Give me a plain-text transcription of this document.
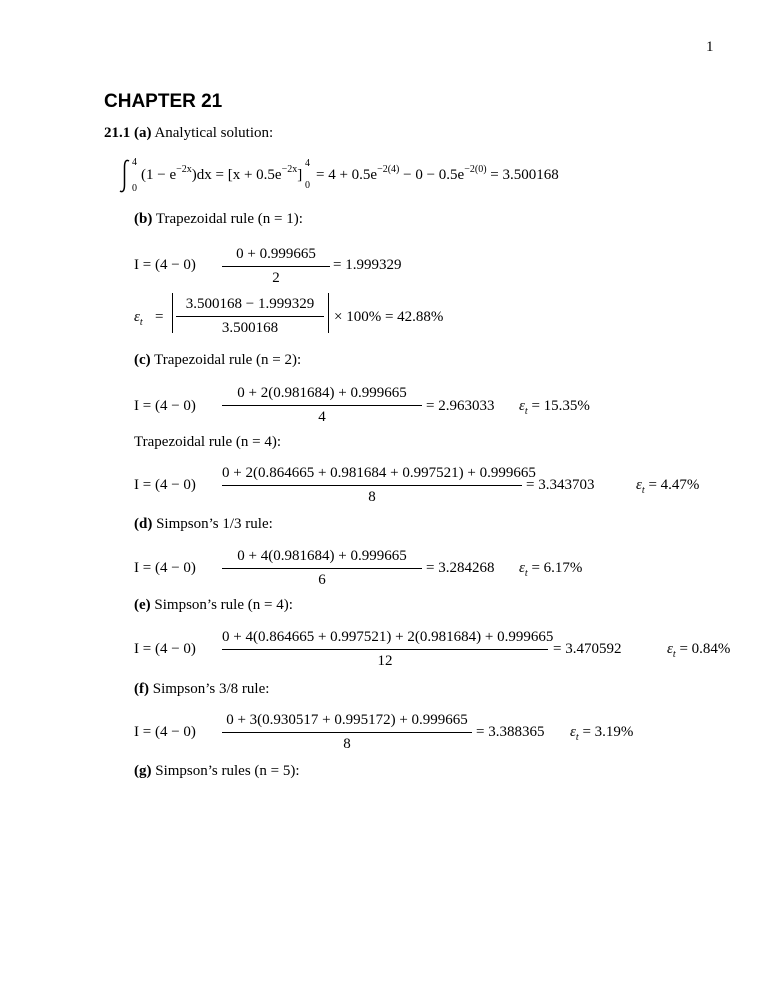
1
CHAPTER 21
21.1 (a) Analytical solution:
4
0
$(1 - e^{-2x})dx = [x + 0.5e^{-2x}]$
4
0
= $4 + 0.5e^{-2(4)} - 0 - 0.5e^{-2(0)} = 3.500168$
(b) Trapezoidal rule (n = 1):
I = (4 − 0)
0 + 0.999665
2
= 1.999329
$\varepsilon_t$ =
3.500168 − 1.999329
3.500168
× 100% = 42.88%
(c) Trapezoidal rule (n = 2):
I = (4 − 0)
0 + 2(0.981684) + 0.999665
4
= 2.963033 $\varepsilon_t = 15.35\%$
Trapezoidal rule (n = 4):
I = (4 − 0)
0 + 2(0.864665 + 0.981684 + 0.997521) + 0.999665
8
= 3.343703	$\varepsilon_t = 4.47\%$
(d) Simpson’s 1/3 rule:
I = (4 − 0)
0 + 4(0.981684) + 0.999665
6
= 3.284268 $\varepsilon_t = 6.17\%$
(e) Simpson’s rule (n = 4):
I = (4 − 0)
0 + 4(0.864665 + 0.997521) + 2(0.981684) + 0.999665
12
= 3.470592	$\varepsilon_t = 0.84\%$
(f) Simpson’s 3/8 rule:
I = (4 − 0)
0 + 3(0.930517 + 0.995172) + 0.999665
8
= 3.388365 $\varepsilon_t = 3.19\%$
(g) Simpson’s rules (n = 5):
